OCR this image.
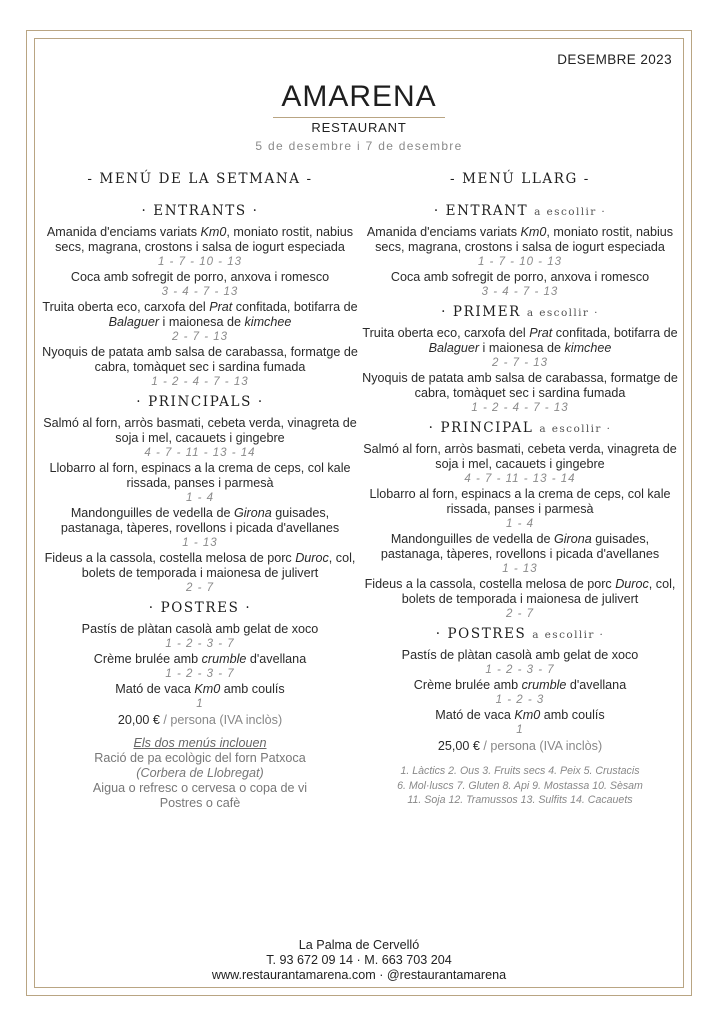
DESEMBRE 2023
AMARENA
RESTAURANT
5 de desembre i 7 de desembre
- MENÚ DE LA SETMANA -
· ENTRANTS ·
Amanida d'enciams variats Km0, moniato rostit, nabius secs, magrana, crostons i salsa de iogurt especiada
1 - 7 - 10 - 13
Coca amb sofregit de porro, anxova i romesco
3 - 4 - 7 - 13
Truita oberta eco, carxofa del Prat confitada, botifarra de Balaguer i maionesa de kimchee
2 - 7 - 13
Nyoquis de patata amb salsa de carabassa, formatge de cabra, tomàquet sec i sardina fumada
1 - 2 - 4 - 7 - 13
· PRINCIPALS ·
Salmó al forn, arròs basmati, cebeta verda, vinagreta de soja i mel, cacauets i gingebre
4 - 7 - 11 - 13 - 14
Llobarro al forn, espinacs a la crema de ceps, col kale rissada, panses i parmesà
1 - 4
Mandonguilles de vedella de Girona guisades, pastanaga, tàperes, rovellons i picada d'avellanes
1 - 13
Fideus a la cassola, costella melosa de porc Duroc, col, bolets de temporada i maionesa de julivert
2 - 7
· POSTRES ·
Pastís de plàtan casolà amb gelat de xoco
1 - 2 - 3 - 7
Crème brulée amb crumble d'avellana
1 - 2 - 3 - 7
Mató de vaca Km0 amb coulís
1
20,00 € / persona (IVA inclòs)
Els dos menús inclouen
Ració de pa ecològic del forn Patxoca
(Corbera de Llobregat)
Aigua o refresc o cervesa o copa de vi
Postres o cafè
- MENÚ LLARG -
· ENTRANT a escollir ·
Amanida d'enciams variats Km0, moniato rostit, nabius secs, magrana, crostons i salsa de iogurt especiada
1 - 7 - 10 - 13
Coca amb sofregit de porro, anxova i romesco
3 - 4 - 7 - 13
· PRIMER a escollir ·
Truita oberta eco, carxofa del Prat confitada, botifarra de Balaguer i maionesa de kimchee
2 - 7 - 13
Nyoquis de patata amb salsa de carabassa, formatge de cabra, tomàquet sec i sardina fumada
1 - 2 - 4 - 7 - 13
· PRINCIPAL a escollir ·
Salmó al forn, arròs basmati, cebeta verda, vinagreta de soja i mel, cacauets i gingebre
4 - 7 - 11 - 13 - 14
Llobarro al forn, espinacs a la crema de ceps, col kale rissada, panses i parmesà
1 - 4
Mandonguilles de vedella de Girona guisades, pastanaga, tàperes, rovellons i picada d'avellanes
1 - 13
Fideus a la cassola, costella melosa de porc Duroc, col, bolets de temporada i maionesa de julivert
2 - 7
· POSTRES a escollir ·
Pastís de plàtan casolà amb gelat de xoco
1 - 2 - 3 - 7
Crème brulée amb crumble d'avellana
1 - 2 - 3
Mató de vaca Km0 amb coulís
1
25,00 € / persona (IVA inclòs)
1. Làctics 2. Ous 3. Fruits secs 4. Peix 5. Crustacis
6. Mol·luscs 7. Gluten 8. Api 9. Mostassa 10. Sèsam
11. Soja 12. Tramussos 13. Sulfits 14. Cacauets
La Palma de Cervelló
T. 93 672 09 14 · M. 663 703 204
www.restaurantamarena.com · @restaurantamarena
